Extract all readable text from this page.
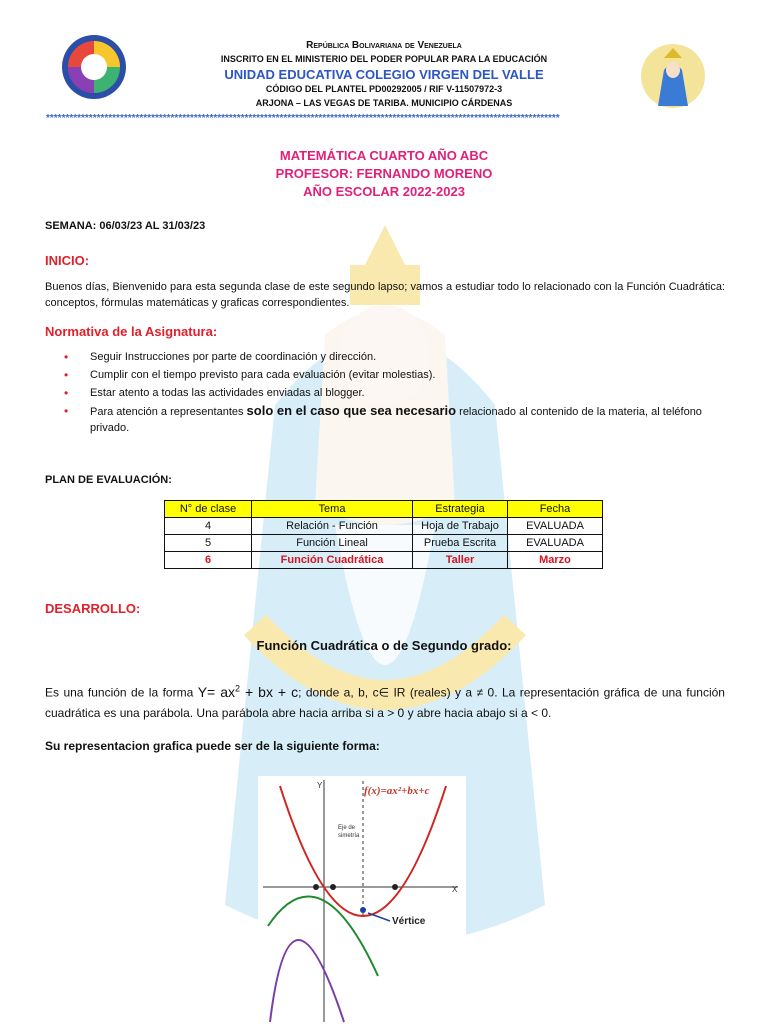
República Bolivariana de Venezuela
INSCRITO EN EL MINISTERIO DEL PODER POPULAR PARA LA EDUCACIÓN
UNIDAD EDUCATIVA COLEGIO VIRGEN DEL VALLE
CÓDIGO DEL PLANTEL PD00292005 / RIF V-11507972-3
ARJONA – LAS VEGAS DE TARIBA. MUNICIPIO CÁRDENAS
************************************************************************************************************************************
MATEMÁTICA CUARTO AÑO ABC
PROFESOR: FERNANDO MORENO
AÑO ESCOLAR 2022-2023
SEMANA: 06/03/23 AL 31/03/23
INICIO:
Buenos días, Bienvenido para esta segunda clase de este segundo lapso; vamos a estudiar todo lo relacionado con la Función Cuadrática: conceptos, fórmulas matemáticas y graficas correspondientes.
Normativa de la Asignatura:
• Seguir Instrucciones por parte de coordinación y dirección.
• Cumplir con el tiempo previsto para cada evaluación (evitar molestias).
• Estar atento a todas las actividades enviadas al blogger.
• Para atención a representantes solo en el caso que sea necesario relacionado al contenido de la materia, al teléfono privado.
PLAN DE EVALUACIÓN:
N° de clase	Tema	Estrategia	Fecha
4	Relación - Función	Hoja de Trabajo	EVALUADA
5	Función Lineal	Prueba Escrita	EVALUADA
6	Función Cuadrática	Taller	Marzo
DESARROLLO:
Función Cuadrática o de Segundo grado:
Es una función de la forma $Y= ax^2$ + bx + c; donde a, b, c∈ IR (reales) y a ≠ 0. La representación gráfica de una función cuadrática es una parábola. Una parábola abre hacia arriba si a > 0 y abre hacia abajo si a < 0.
Su representacion grafica puede ser de la siguiente forma:
Y
X
Vértice
Eje de
simetría
f(x)=ax²+bx+c
